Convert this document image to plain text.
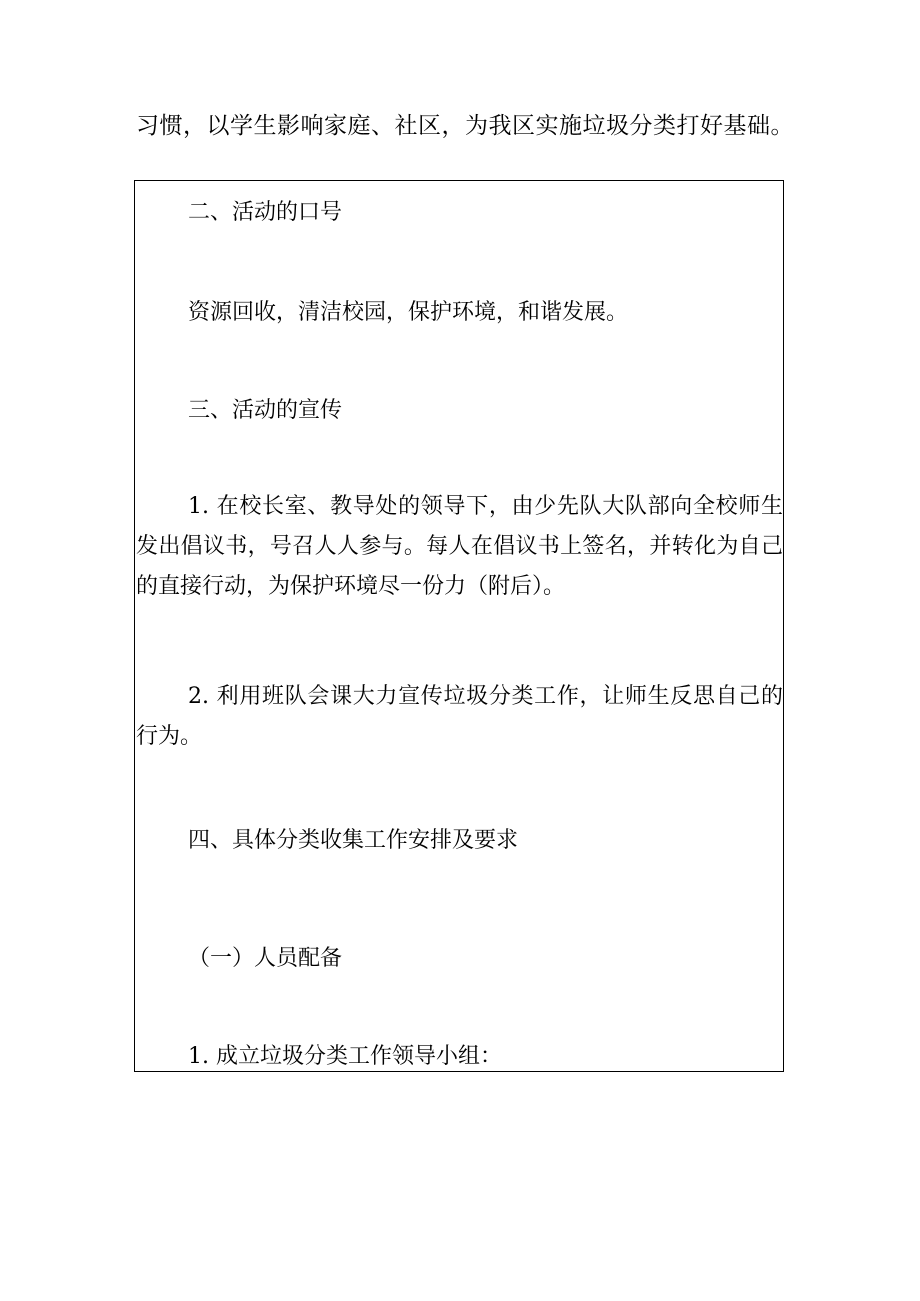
习惯，以学生影响家庭、社区，为我区实施垃圾分类打好基础。
二、活动的口号
资源回收，清洁校园，保护环境，和谐发展。
三、活动的宣传
1. 在校长室、教导处的领导下，由少先队大队部向全校师生发出倡议书，号召人人参与。每人在倡议书上签名，并转化为自己的直接行动，为保护环境尽一份力（附后）。
2. 利用班队会课大力宣传垃圾分类工作，让师生反思自己的行为。
四、具体分类收集工作安排及要求
（一）人员配备
1. 成立垃圾分类工作领导小组：
